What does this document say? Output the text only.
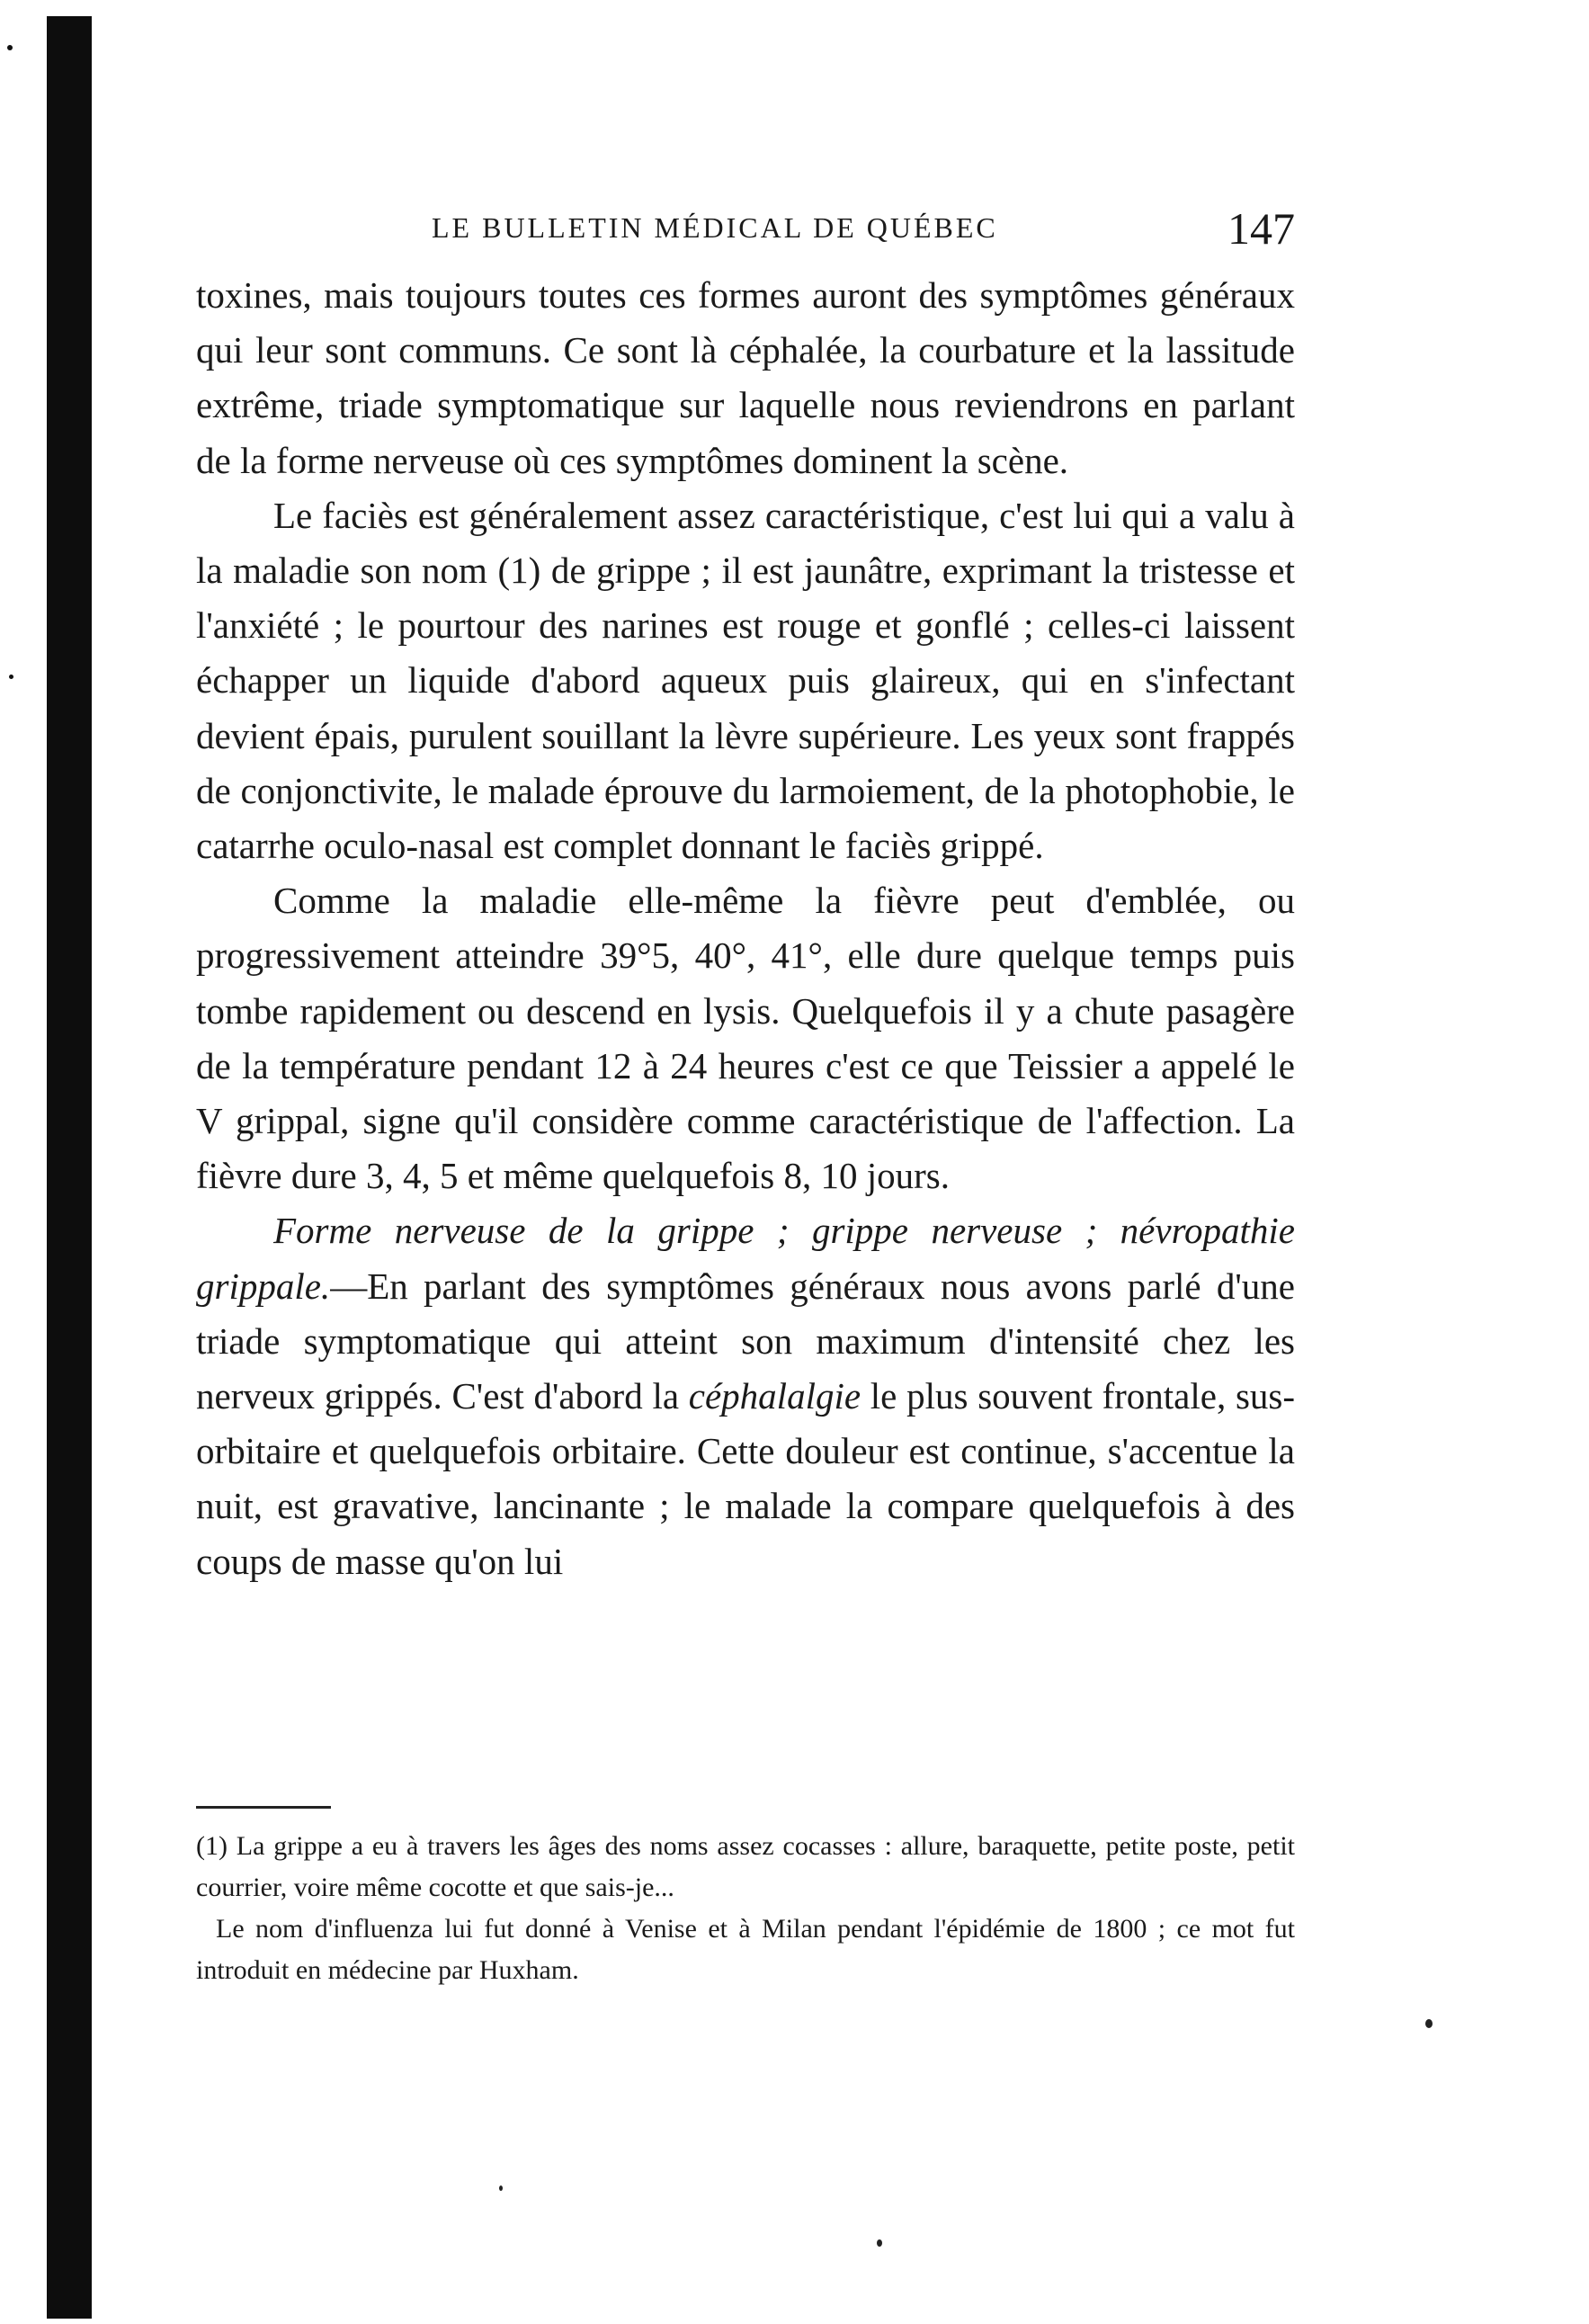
LE BULLETIN MÉDICAL DE QUÉBEC	147

toxines, mais toujours toutes ces formes auront des symptômes généraux qui leur sont communs. Ce sont là céphalée, la courbature et la lassitude extrême, triade symptomatique sur laquelle nous reviendrons en parlant de la forme nerveuse où ces symptômes dominent la scène.

Le faciès est généralement assez caractéristique, c'est lui qui a valu à la maladie son nom (1) de grippe ; il est jaunâtre, exprimant la tristesse et l'anxiété ; le pourtour des narines est rouge et gonflé ; celles-ci laissent échapper un liquide d'abord aqueux puis glaireux, qui en s'infectant devient épais, purulent souillant la lèvre supérieure. Les yeux sont frappés de conjonctivite, le malade éprouve du larmoiement, de la photophobie, le catarrhe oculo-nasal est complet donnant le faciès grippé.

Comme la maladie elle-même la fièvre peut d'emblée, ou progressivement atteindre 39°5, 40°, 41°, elle dure quelque temps puis tombe rapidement ou descend en lysis. Quelquefois il y a chute pasagère de la température pendant 12 à 24 heures c'est ce que Teissier a appelé le V grippal, signe qu'il considère comme caractéristique de l'affection. La fièvre dure 3, 4, 5 et même quelquefois 8, 10 jours.

Forme nerveuse de la grippe ; grippe nerveuse ; névropathie grippale.—En parlant des symptômes généraux nous avons parlé d'une triade symptomatique qui atteint son maximum d'intensité chez les nerveux grippés. C'est d'abord la céphalalgie le plus souvent frontale, sus-orbitaire et quelquefois orbitaire. Cette douleur est continue, s'accentue la nuit, est gravative, lancinante ; le malade la compare quelquefois à des coups de masse qu'on lui

(1) La grippe a eu à travers les âges des noms assez cocasses : allure, baraquette, petite poste, petit courrier, voire même cocotte et que sais-je...

Le nom d'influenza lui fut donné à Venise et à Milan pendant l'épidémie de 1800 ; ce mot fut introduit en médecine par Huxham.
